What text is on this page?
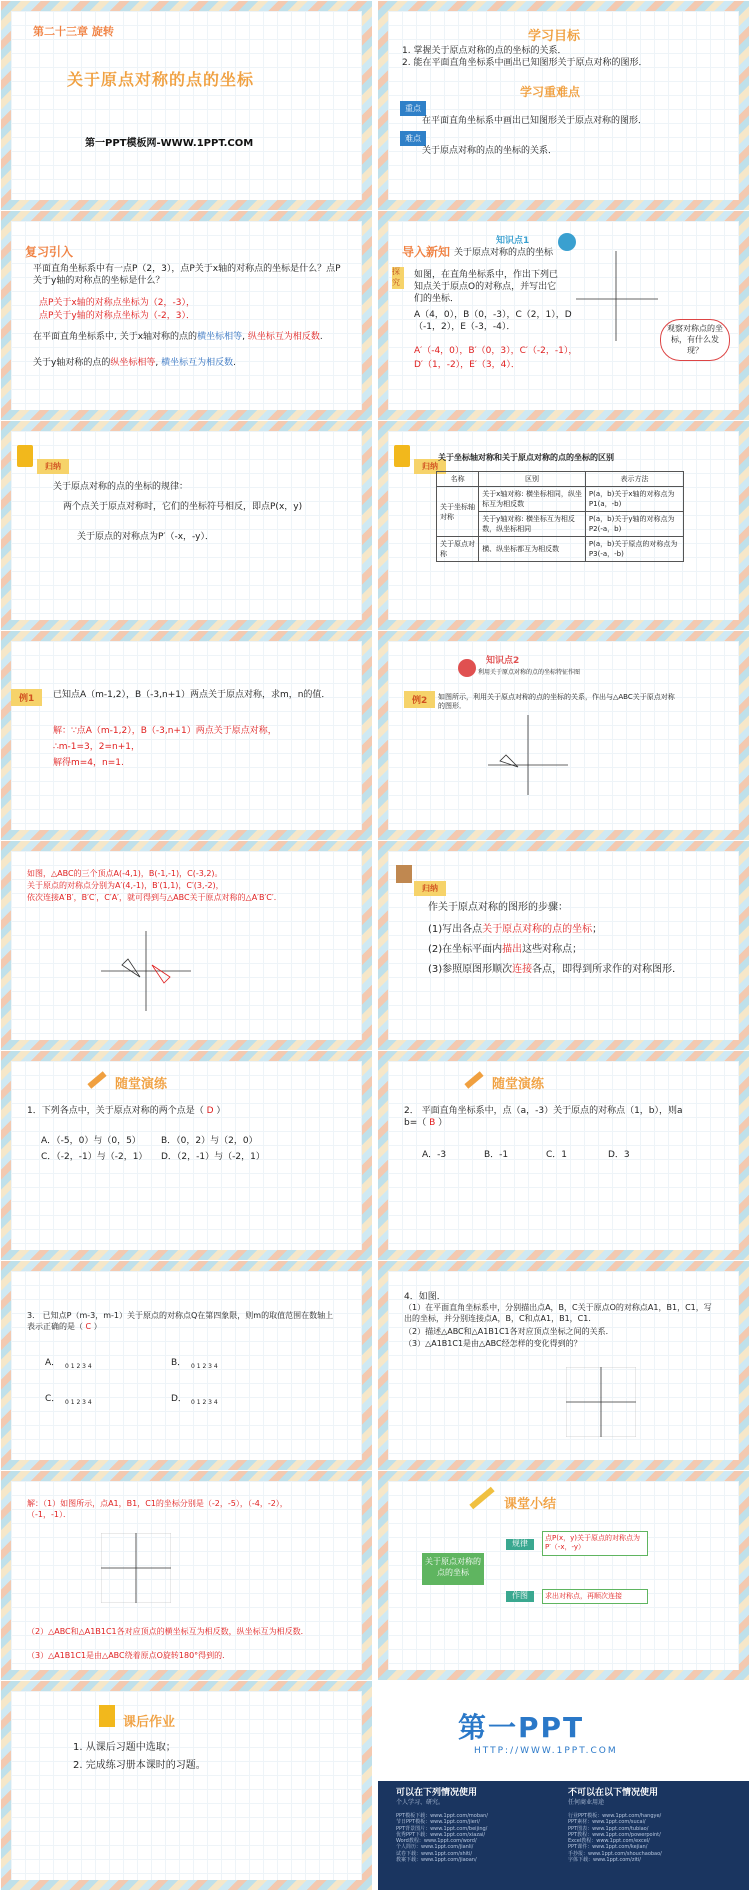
第二十三章 旋转
关于原点对称的点的坐标
第一PPT模板网-WWW.1PPT.COM
学习目标
1. 掌握关于原点对称的点的坐标的关系．
2. 能在平面直角坐标系中画出已知图形关于原点对称的图形．
学习重难点
重点
在平面直角坐标系中画出已知图形关于原点对称的图形．
难点
关于原点对称的点的坐标的关系．
复习引入
平面直角坐标系中有一点P（2，3），点P关于x轴的对称点的坐标是什么？点P关于y轴的对称点的坐标是什么？
点P关于x轴的对称点坐标为（2，-3），
点P关于y轴的对称点坐标为（-2，3）．
在平面直角坐标系中, 关于x轴对称的点的横坐标相等, 纵坐标互为相反数.
关于y轴对称的点的纵坐标相等, 横坐标互为相反数.
导入新知
知识点1
关于原点对称的点的坐标
探究
如图，在直角坐标系中，作出下列已知点关于原点O的对称点，并写出它们的坐标．
A（4，0），B（0，-3），C（2，1），D（-1，2），E（-3，-4）．
A′（-4，0），B′（0，3），C′（-2，-1），
D′（1，-2），E′（3，4）．
观察对称点的坐标，有什么发现？
归纳
关于原点对称的点的坐标的规律：
两个点关于原点对称时，它们的坐标符号相反，即点P(x，y)
关于原点的对称点为P′（-x，-y）．
归纳
关于坐标轴对称和关于原点对称的点的坐标的区别
名称	区别	表示方法
关于坐标轴对称	关于x轴对称: 横坐标相同，纵坐标互为相反数	P(a，b)关于x轴的对称点为P1(a，-b)
	关于y轴对称: 横坐标互为相反数，纵坐标相同	P(a，b)关于y轴的对称点为P2(-a，b)
关于原点对称	横、纵坐标都互为相反数	P(a，b)关于原点的对称点为P3(-a，-b)
例1	已知点A（m-1,2），B（-3,n+1）两点关于原点对称，求m，n的值．
解：∵点A（m-1,2），B（-3,n+1）两点关于原点对称，
∴m-1=3，2=n+1，
解得m=4，n=1.
知识点2
利用关于原点对称的点的坐标特征作图
例2	如图所示，利用关于原点对称的点的坐标的关系，作出与△ABC关于原点对称的图形．
如图，△ABC的三个顶点A(-4,1)，B(-1,-1)，C(-3,2)。
关于原点的对称点分别为A′(4,-1)，B′(1,1)，C′(3,-2)，
依次连接A′B′，B′C′，C′A′，就可得到与△ABC关于原点对称的△A′B′C′．
归纳
作关于原点对称的图形的步骤：
(1)写出各点关于原点对称的点的坐标；
(2)在坐标平面内描出这些对称点；
(3)参照原图形顺次连接各点，即得到所求作的对称图形．
随堂演练
1．下列各点中，关于原点对称的两个点是（ D ）
A．（-5，0）与（0，5） B．（0，2）与（2，0）
C．（-2，-1）与（-2，1） D．（2，-1）与（-2，1）
随堂演练
2． 平面直角坐标系中，点（a，-3）关于原点的对称点（1，b），则a b=（ B ）
A．-3	B．-1	C．1	D．3
3． 已知点P（m-3，m-1）关于原点的对称点Q在第四象限，则m的取值范围在数轴上表示正确的是（ C ）
A． 0 1 2 3 4	B． 0 1 2 3 4
C． 0 1 2 3 4	D． 0 1 2 3 4
4．如图．
（1）在平面直角坐标系中，分别描出点A，B，C关于原点O的对称点A1，B1，C1，写出的坐标，并分别连接点A，B，C和点A1，B1，C1．
（2）描述△ABC和△A1B1C1各对应顶点坐标之间的关系．
（3）△A1B1C1是由△ABC经怎样的变化得到的？
解：（1）如图所示，点A1，B1，C1的坐标分别是（-2，-5），（-4，-2），（-1，-1）．
（2）△ABC和△A1B1C1各对应顶点的横坐标互为相反数，纵坐标互为相反数．
（3）△A1B1C1是由△ABC绕着原点O旋转180°得到的．
课堂小结
关于原点对称的点的坐标
规律
点P(x，y)关于原点的对称点为P′（-x，-y）
作图	求出对称点，再顺次连接
课后作业
1. 从课后习题中选取；
2. 完成练习册本课时的习题。
第一PPT
HTTP://WWW.1PPT.COM
可以在下列情况使用
个人学习、研究。
不可以在以下情况使用
任何商业用途
PPT模板下载：www.1ppt.com/moban/
节日PPT模板：www.1ppt.com/jieri/
PPT背景图片：www.1ppt.com/beijing/
优秀PPT下载：www.1ppt.com/xiazai/
Word教程：www.1ppt.com/word/
个人简历：www.1ppt.com/jianli/
试卷下载：www.1ppt.com/shiti/
教案下载：www.1ppt.com/jiaoan/
行业PPT模板：www.1ppt.com/hangye/
PPT素材：www.1ppt.com/sucai/
PPT图表：www.1ppt.com/tubiao/
PPT教程：www.1ppt.com/powerpoint/
Excel教程：www.1ppt.com/excel/
PPT课件：www.1ppt.com/kejian/
手抄报：www.1ppt.com/shouchaobao/
字体下载：www.1ppt.com/ziti/
